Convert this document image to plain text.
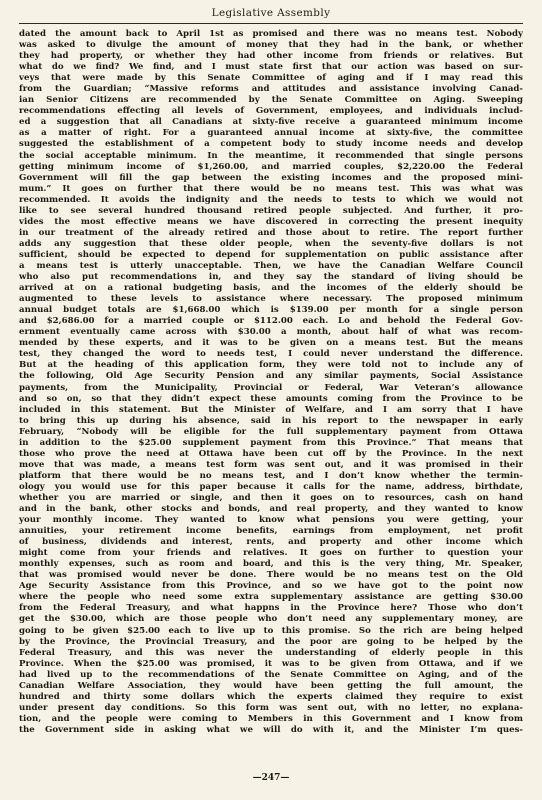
Legislative Assembly
dated the amount back to April 1st as promised and there was no means test. Nobody
was asked to divulge the amount of money that they had in the bank, or whether
they had property, or whether they had other income from friends or relatives. But
what do we find? We find, and I must state first that our action was based on sur-
veys that were made by this Senate Committee of aging and if I may read this
from the Guardian; “Massive reforms and attitudes and assistance involving Canad-
ian Senior Citizens are recommended by the Senate Committee on Aging. Sweeping
recommendations effecting all levels of Government, employees, and individuals includ-
ed a suggestion that all Canadians at sixty-five receive a guaranteed minimum income
as a matter of right. For a guaranteed annual income at sixty-five, the committee
suggested the establishment of a competent body to study income needs and develop
the social acceptable minimum. In the meantime, it recommended that single persons
getting minimum income of $1,260.00, and married couples, $2,220.00 the Federal
Government will fill the gap between the existing incomes and the proposed mini-
mum.” It goes on further that there would be no means test. This was what was
recommended. It avoids the indignity and the needs to tests to which we would not
like to see several hundred thousand retired people subjected. And further, it pro-
vides the most effective means we have discovered in correcting the present inequity
in our treatment of the already retired and those about to retire. The report further
adds any suggestion that these older people, when the seventy-five dollars is not
sufficient, should be expected to depend for supplementation on public assistance after
a means test is utterly unacceptable. Then, we have the Canadian Welfare Council
who also put recommendations in, and they say the standard of living should be
arrived at on a rational budgeting basis, and the incomes of the elderly should be
augmented to these levels to assistance where necessary. The proposed minimum
annual budget totals are $1,668.00 which is $139.00 per month for a single person
and $2,686.00 for a married couple or $112.00 each. Lo and behold the Federal Gov-
ernment eventually came across with $30.00 a month, about half of what was recom-
mended by these experts, and it was to be given on a means test. But the means
test, they changed the word to needs test, I could never understand the difference.
But at the heading of this application form, they were told not to include any of
the following, Old Age Security Pension and any similar payments, Social Assistance
payments, from the Municipality, Provincial or Federal, War Veteran’s allowance
and so on, so that they didn’t expect these amounts coming from the Province to be
included in this statement. But the Minister of Welfare, and I am sorry that I have
to bring this up during his absence, said in his report to the newspaper in early
February, “Nobody will be eligible for the full supplementary payment from Ottawa
in addition to the $25.00 supplement payment from this Province.” That means that
those who prove the need at Ottawa have been cut off by the Province. In the next
move that was made, a means test form was sent out, and it was promised in their
platform that there would be no means test, and I don’t know whether the termin-
ology you would use for this paper because it calls for the name, address, birthdate,
whether you are married or single, and then it goes on to resources, cash on hand
and in the bank, other stocks and bonds, and real property, and they wanted to know
your monthly income. They wanted to know what pensions you were getting, your
annuities, your retirement income benefits, earnings from employment, net profit
of business, dividends and interest, rents, and property and other income which
might come from your friends and relatives. It goes on further to question your
monthly expenses, such as room and board, and this is the very thing, Mr. Speaker,
that was promised would never be done. There would be no means test on the Old
Age Security Assistance from this Province, and so we have got to the point now
where the people who need some extra supplementary assistance are getting $30.00
from the Federal Treasury, and what happns in the Province here? Those who don’t
get the $30.00, which are those people who don’t need any supplementary money, are
going to be given $25.00 each to live up to this promise. So the rich are being helped
by the Province, the Provincial Treasury, and the poor are going to be helped by the
Federal Treasury, and this was never the understanding of elderly people in this
Province. When the $25.00 was promised, it was to be given from Ottawa, and if we
had lived up to the recommendations of the Senate Committee on Aging, and of the
Canadian Welfare Association, they would have been getting the full amount, the
hundred and thirty some dollars which the experts claimed they require to exist
under present day conditions. So this form was sent out, with no letter, no explana-
tion, and the people were coming to Members in this Government and I know from
the Government side in asking what we will do with it, and the Minister I’m ques-
—247—
